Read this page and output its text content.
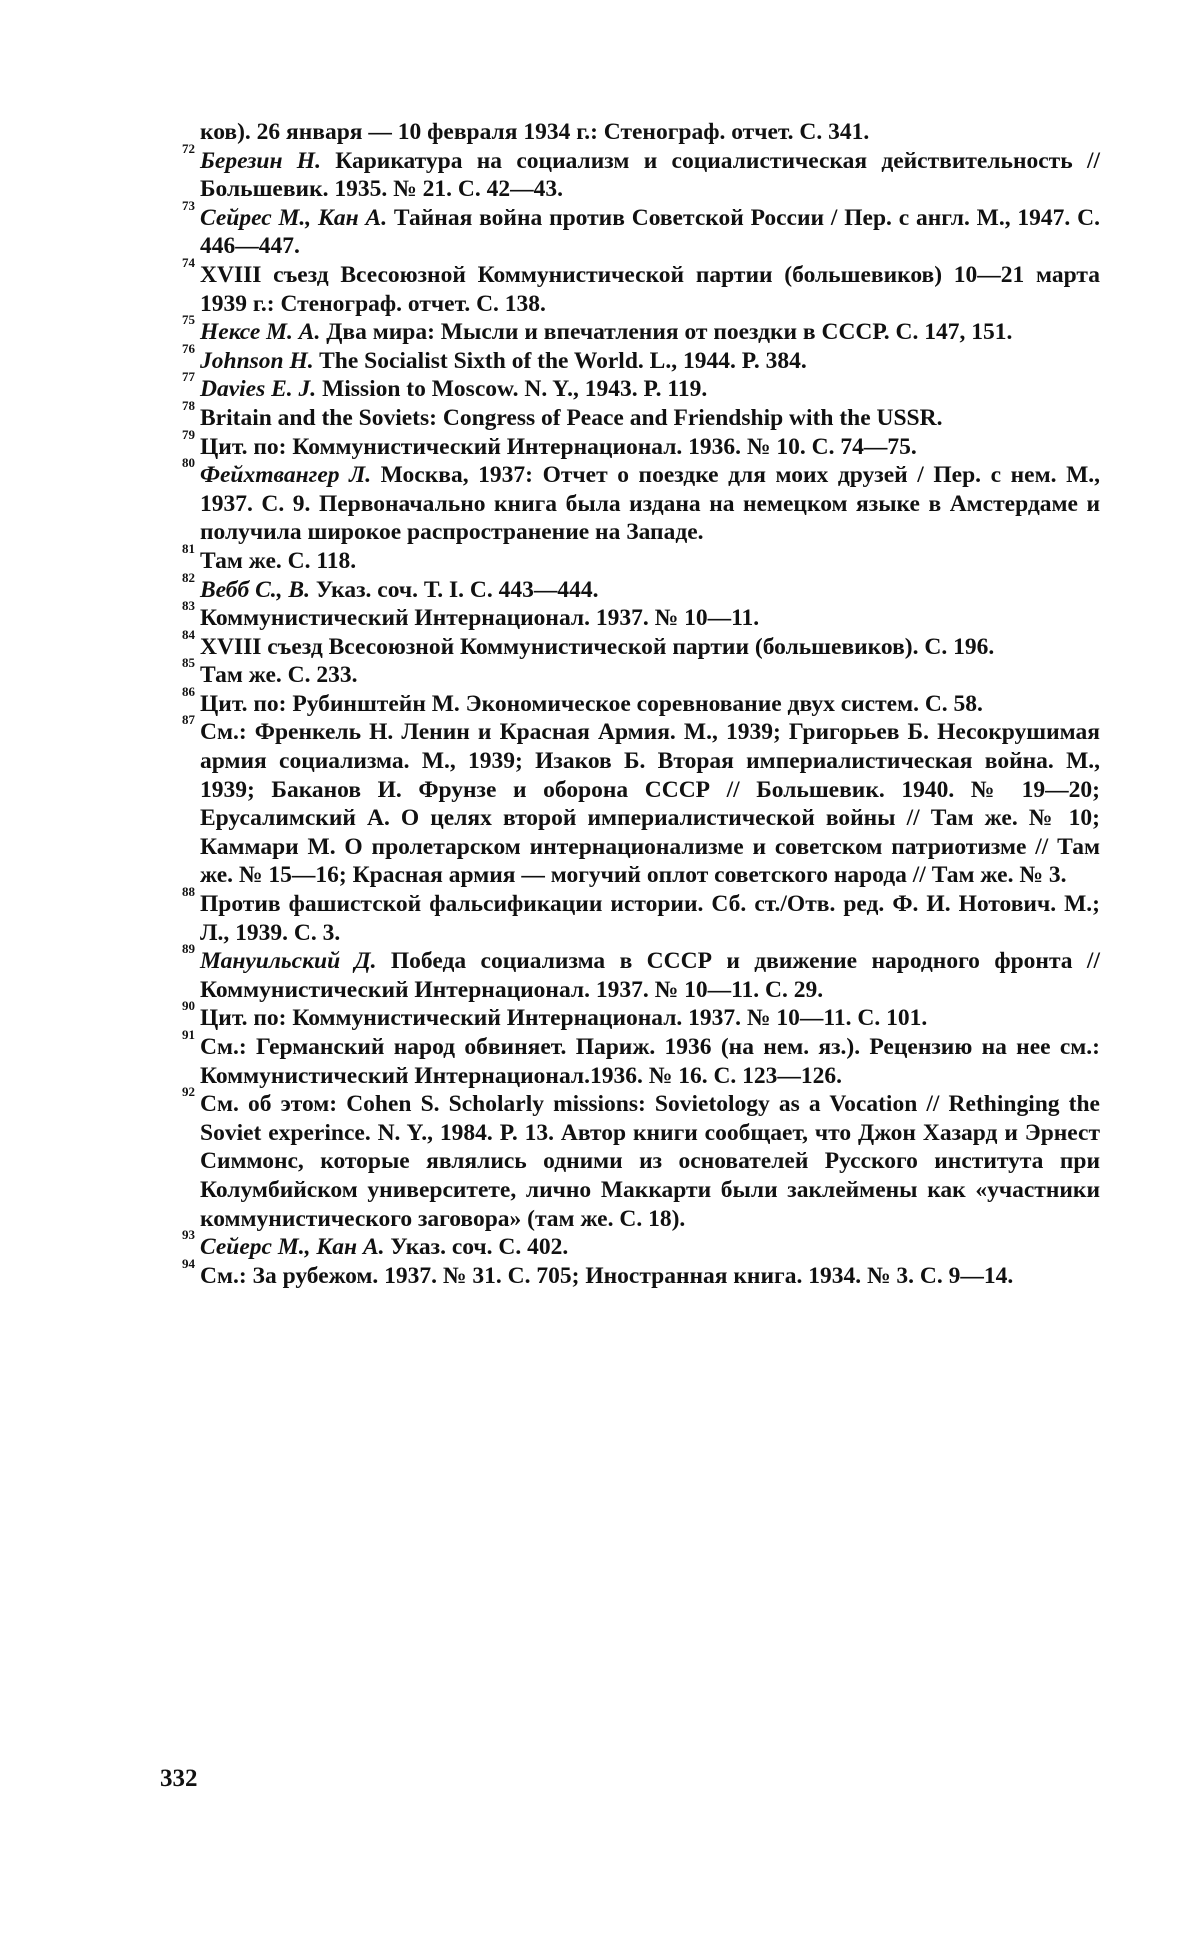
ков). 26 января — 10 февраля 1934 г.: Стенограф. отчет. С. 341.
72 Березин Н. Карикатура на социализм и социалистическая действительность // Большевик. 1935. № 21. С. 42—43.
73 Сейрес М., Кан А. Тайная война против Советской России / Пер. с англ. М., 1947. С. 446—447.
74 XVIII съезд Всесоюзной Коммунистической партии (большевиков) 10—21 марта 1939 г.: Стенограф. отчет. С. 138.
75 Нексе М. А. Два мира: Мысли и впечатления от поездки в СССР. С. 147, 151.
76 Johnson H. The Socialist Sixth of the World. L., 1944. P. 384.
77 Davies E. J. Mission to Moscow. N. Y., 1943. P. 119.
78 Britain and the Soviets: Congress of Peace and Friendship with the USSR.
79 Цит. по: Коммунистический Интернационал. 1936. № 10. С. 74—75.
80 Фейхтвангер Л. Москва, 1937: Отчет о поездке для моих друзей / Пер. с нем. М., 1937. С. 9. Первоначально книга была издана на немецком языке в Амстердаме и получила широкое распространение на Западе.
81 Там же. С. 118.
82 Вебб С., В. Указ. соч. Т. I. С. 443—444.
83 Коммунистический Интернационал. 1937. № 10—11.
84 XVIII съезд Всесоюзной Коммунистической партии (большевиков). С. 196.
85 Там же. С. 233.
86 Цит. по: Рубинштейн М. Экономическое соревнование двух систем. С. 58.
87 См.: Френкель Н. Ленин и Красная Армия. М., 1939; Григорьев Б. Несокрушимая армия социализма. М., 1939; Изаков Б. Вторая империалистическая война. М., 1939; Баканов И. Фрунзе и оборона СССР // Большевик. 1940. № 19—20; Ерусалимский А. О целях второй империалистической войны // Там же. № 10; Каммари М. О пролетарском интернационализме и советском патриотизме // Там же. № 15—16; Красная армия — могучий оплот советского народа // Там же. № 3.
88 Против фашистской фальсификации истории. Сб. ст./Отв. ред. Ф. И. Нотович. М.; Л., 1939. С. 3.
89 Мануильский Д. Победа социализма в СССР и движение народного фронта // Коммунистический Интернационал. 1937. № 10—11. С. 29.
90 Цит. по: Коммунистический Интернационал. 1937. № 10—11. С. 101.
91 См.: Германский народ обвиняет. Париж. 1936 (на нем. яз.). Рецензию на нее см.: Коммунистический Интернационал.1936. № 16. С. 123—126.
92 См. об этом: Cohen S. Scholarly missions: Sovietology as a Vocation // Rethinging the Soviet experince. N. Y., 1984. P. 13. Автор книги сообщает, что Джон Хазард и Эрнест Симмонс, которые являлись одними из основателей Русского института при Колумбийском университете, лично Маккарти были заклеймены как «участники коммунистического заговора» (там же. С. 18).
93 Сейерс М., Кан А. Указ. соч. С. 402.
94 См.: За рубежом. 1937. № 31. С. 705; Иностранная книга. 1934. № 3. С. 9—14.
332
